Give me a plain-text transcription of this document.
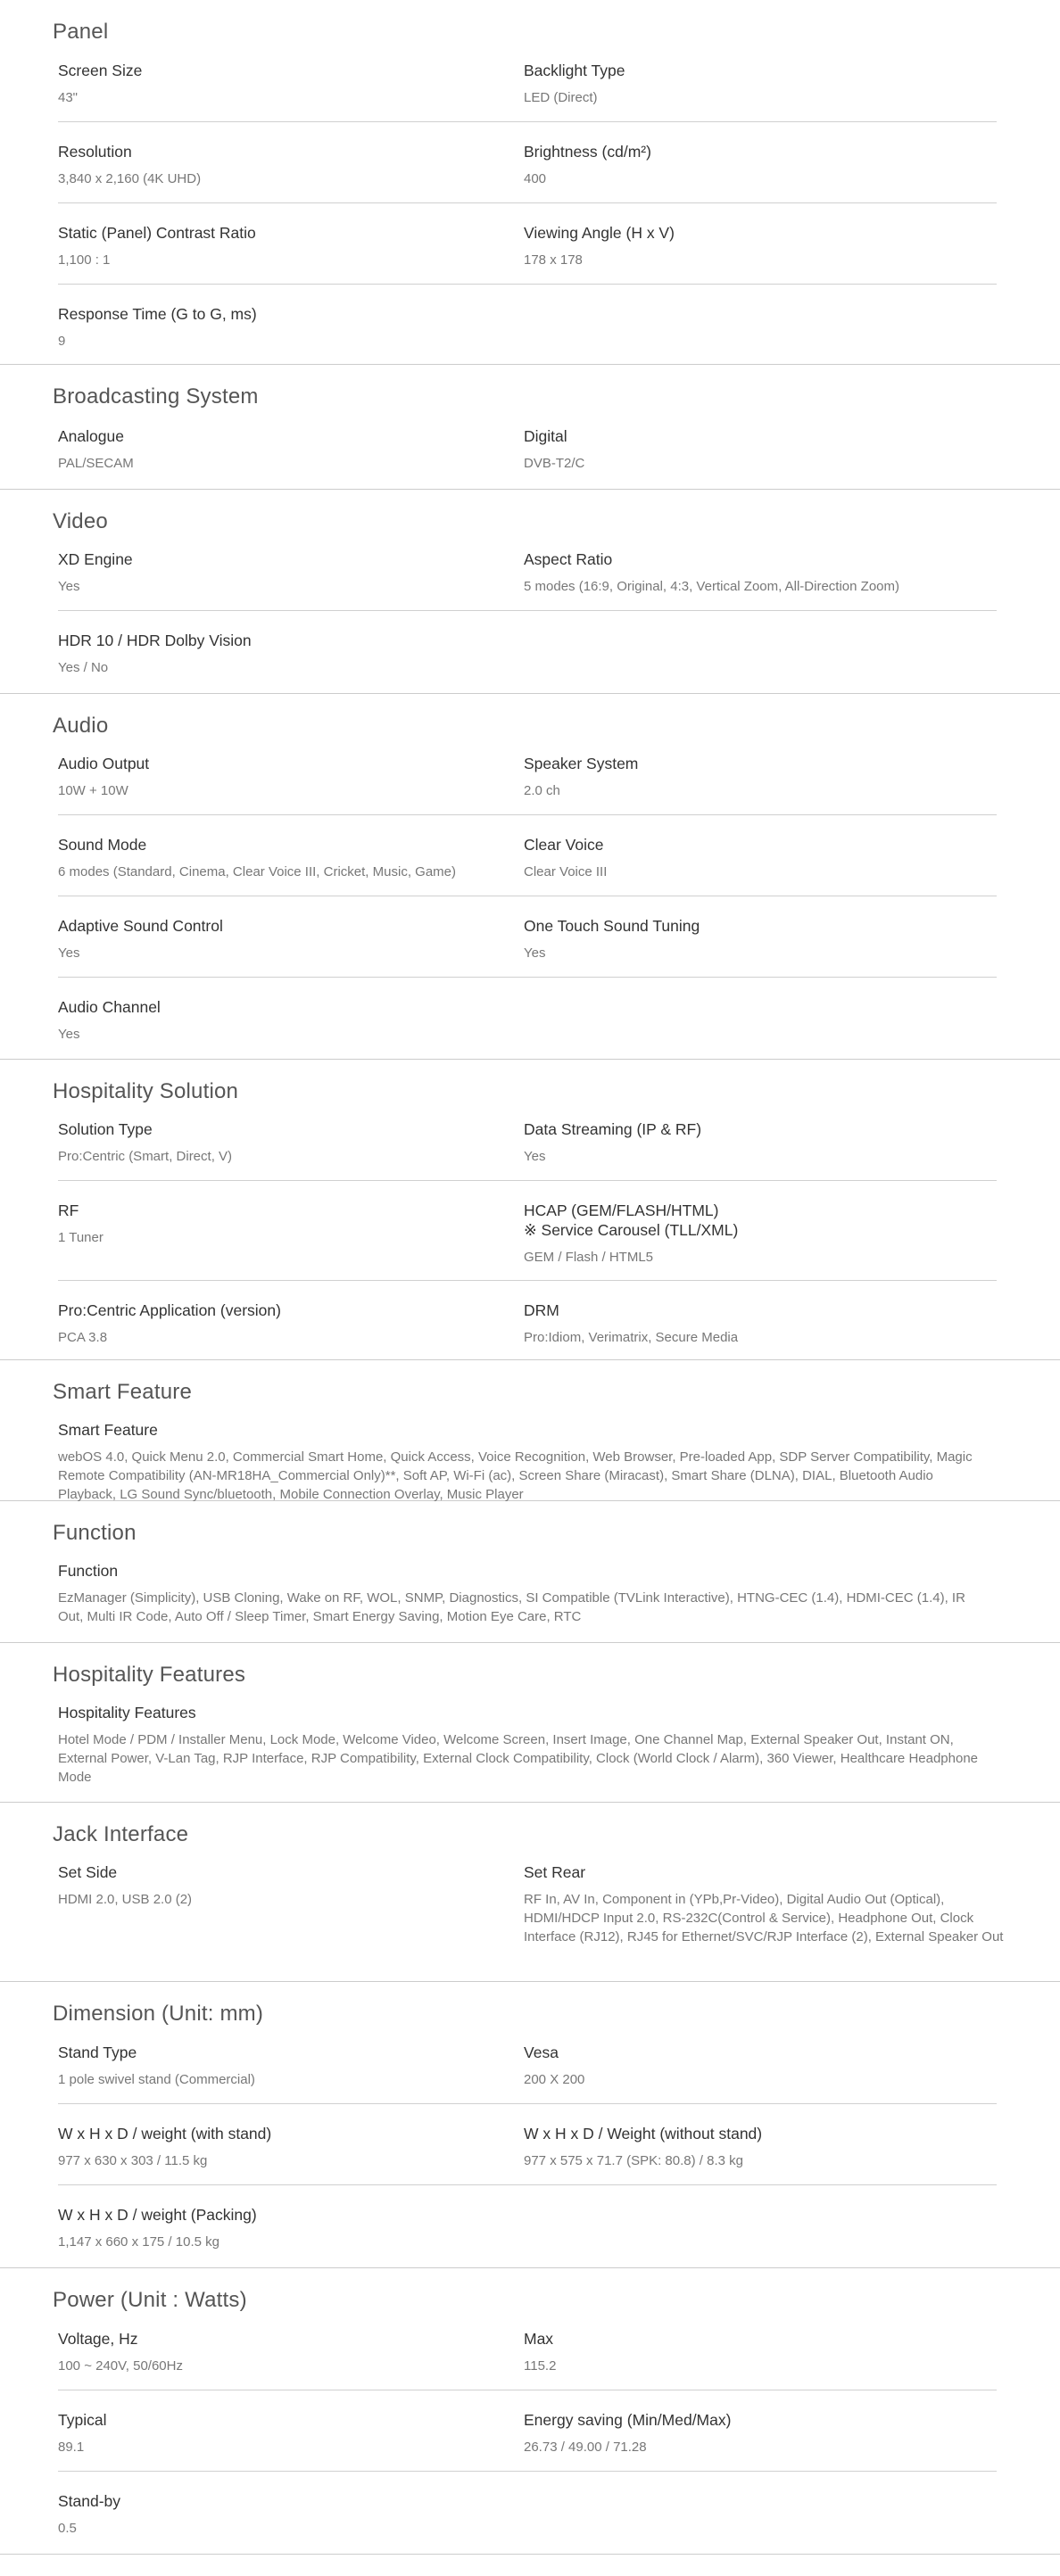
Panel
Screen Size
43"
Backlight Type
LED (Direct)
Resolution
3,840 x 2,160 (4K UHD)
Brightness (cd/m²)
400
Static (Panel) Contrast Ratio
1,100 : 1
Viewing Angle (H x V)
178 x 178
Response Time (G to G, ms)
9
Broadcasting System
Analogue
PAL/SECAM
Digital
DVB-T2/C
Video
XD Engine
Yes
Aspect Ratio
5 modes (16:9, Original, 4:3, Vertical Zoom, All-Direction Zoom)
HDR 10 / HDR Dolby Vision
Yes / No
Audio
Audio Output
10W + 10W
Speaker System
2.0 ch
Sound Mode
6 modes (Standard, Cinema, Clear Voice III, Cricket, Music, Game)
Clear Voice
Clear Voice III
Adaptive Sound Control
Yes
One Touch Sound Tuning
Yes
Audio Channel
Yes
Hospitality Solution
Solution Type
Pro:Centric (Smart, Direct, V)
Data Streaming (IP & RF)
Yes
RF
1 Tuner
HCAP (GEM/FLASH/HTML)
※ Service Carousel (TLL/XML)
GEM / Flash / HTML5
Pro:Centric Application (version)
PCA 3.8
DRM
Pro:Idiom, Verimatrix, Secure Media
Smart Feature
Smart Feature
webOS 4.0, Quick Menu 2.0, Commercial Smart Home, Quick Access, Voice Recognition, Web Browser, Pre-loaded App, SDP Server Compatibility, Magic Remote Compatibility (AN-MR18HA_Commercial Only)**, Soft AP, Wi-Fi (ac), Screen Share (Miracast), Smart Share (DLNA), DIAL, Bluetooth Audio Playback, LG Sound Sync/bluetooth, Mobile Connection Overlay, Music Player
Function
Function
EzManager (Simplicity), USB Cloning, Wake on RF, WOL, SNMP, Diagnostics, SI Compatible (TVLink Interactive), HTNG-CEC (1.4), HDMI-CEC (1.4), IR Out, Multi IR Code, Auto Off / Sleep Timer, Smart Energy Saving, Motion Eye Care, RTC
Hospitality Features
Hospitality Features
Hotel Mode / PDM / Installer Menu, Lock Mode, Welcome Video, Welcome Screen, Insert Image, One Channel Map, External Speaker Out, Instant ON, External Power, V-Lan Tag, RJP Interface, RJP Compatibility, External Clock Compatibility, Clock (World Clock / Alarm), 360 Viewer, Healthcare Headphone Mode
Jack Interface
Set Side
HDMI 2.0, USB 2.0 (2)
Set Rear
RF In, AV In, Component in (YPb,Pr-Video), Digital Audio Out (Optical), HDMI/HDCP Input 2.0, RS-232C(Control & Service), Headphone Out, Clock Interface (RJ12), RJ45 for Ethernet/SVC/RJP Interface (2), External Speaker Out
Dimension (Unit: mm)
Stand Type
1 pole swivel stand (Commercial)
Vesa
200 X 200
W x H x D / weight (with stand)
977 x 630 x 303 / 11.5 kg
W x H x D / Weight (without stand)
977 x 575 x 71.7 (SPK: 80.8) / 8.3 kg
W x H x D / weight (Packing)
1,147 x 660 x 175 / 10.5 kg
Power (Unit : Watts)
Voltage, Hz
100 ~ 240V, 50/60Hz
Max
115.2
Typical
89.1
Energy saving (Min/Med/Max)
26.73 / 49.00 / 71.28
Stand-by
0.5
